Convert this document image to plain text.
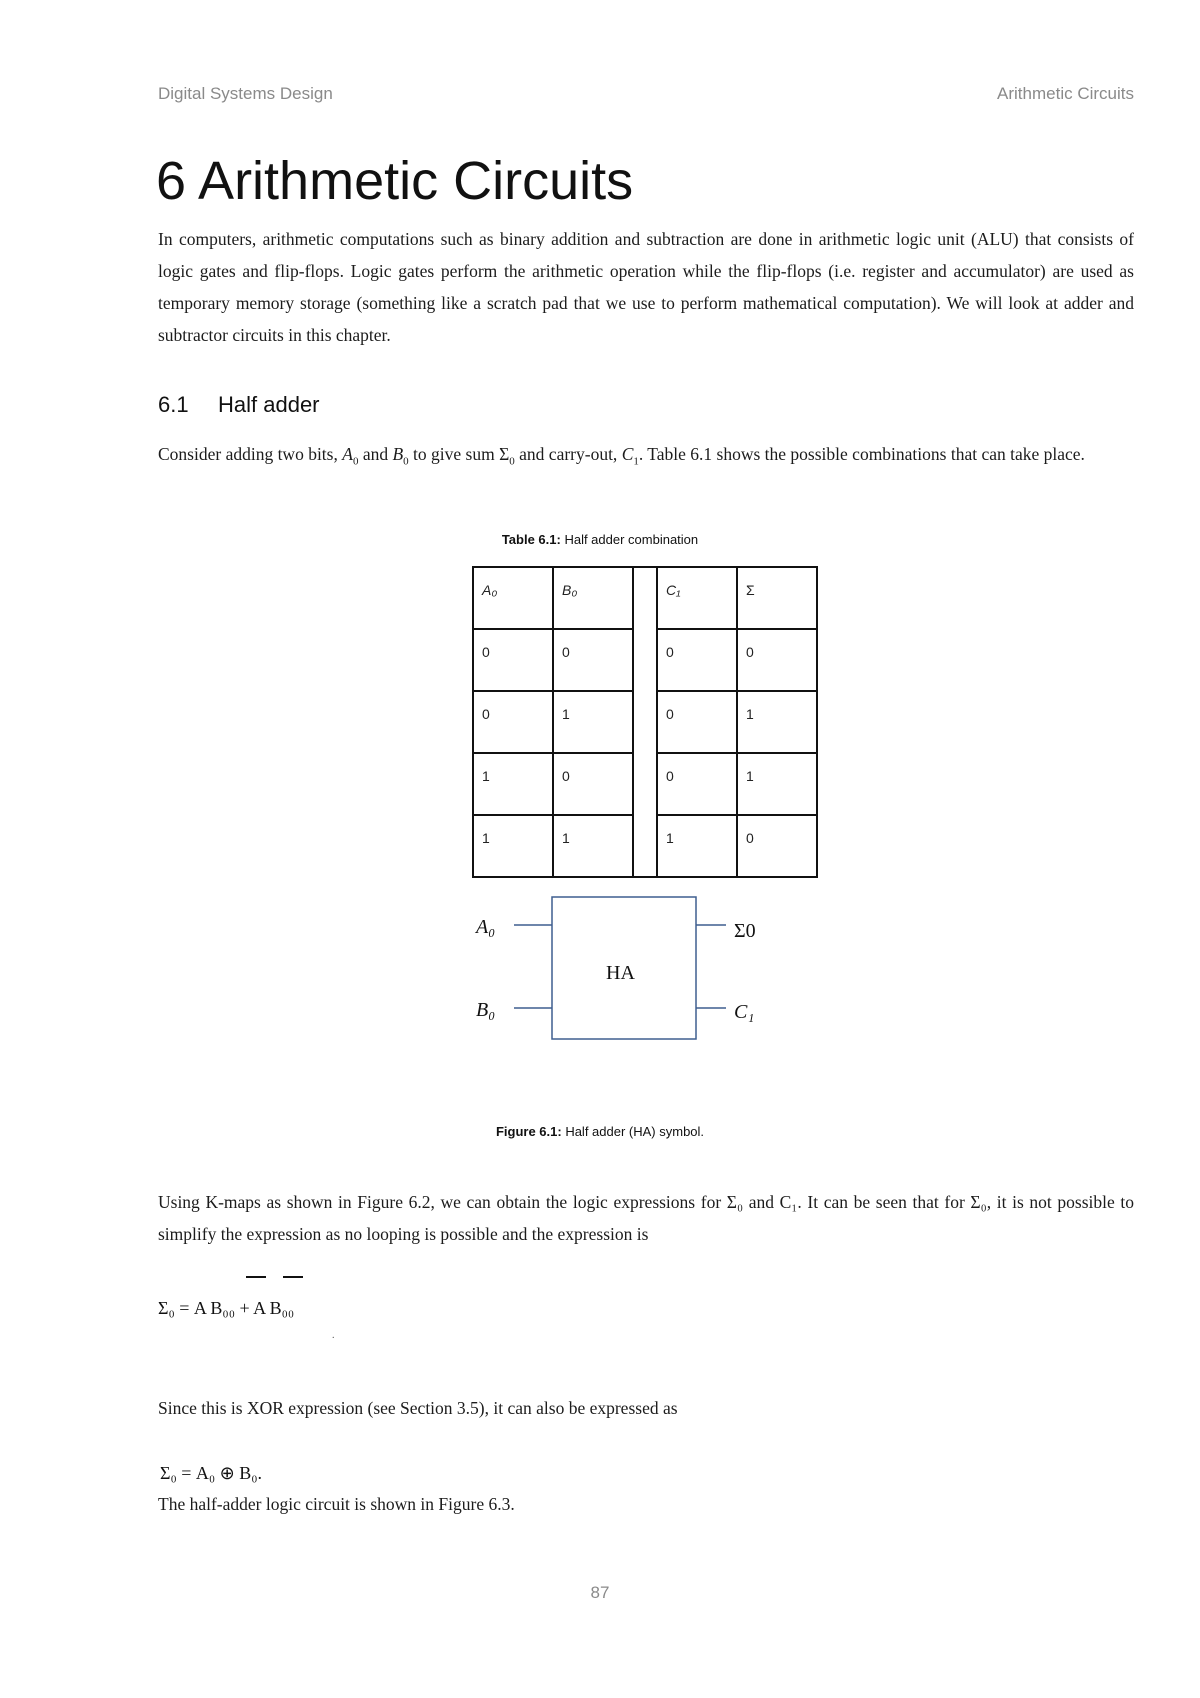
Digital Systems Design	Arithmetic Circuits
6 Arithmetic Circuits
In computers, arithmetic computations such as binary addition and subtraction are done in arithmetic logic unit (ALU) that consists of logic gates and flip-flops. Logic gates perform the arithmetic operation while the flip-flops (i.e. register and accumulator) are used as temporary memory storage (something like a scratch pad that we use to perform mathematical computation). We will look at adder and subtractor circuits in this chapter.
6.1 Half adder
Consider adding two bits, $A_0$ and $B_0$ to give sum $\Sigma_0$ and carry-out, $C_1$. Table 6.1 shows the possible combinations that can take place.
Table 6.1: Half adder combination
A₀	B₀		C₁	Σ
0	0		0	0
0	1		0	1
1	0		0	1
1	1		1	0
HA
A₀
B₀
Σ0
C₁
Figure 6.1: Half adder (HA) symbol.
Using K-maps as shown in Figure 6.2, we can obtain the logic expressions for Σ₀ and C₁. It can be seen that for Σ₀, it is not possible to simplify the expression as no looping is possible and the expression is
Σ₀ = A B₀₀ + A B₀₀
.
Since this is XOR expression (see Section 3.5), it can also be expressed as
Σ₀ = A₀ ⊕ B₀.
The half-adder logic circuit is shown in Figure 6.3.
87
